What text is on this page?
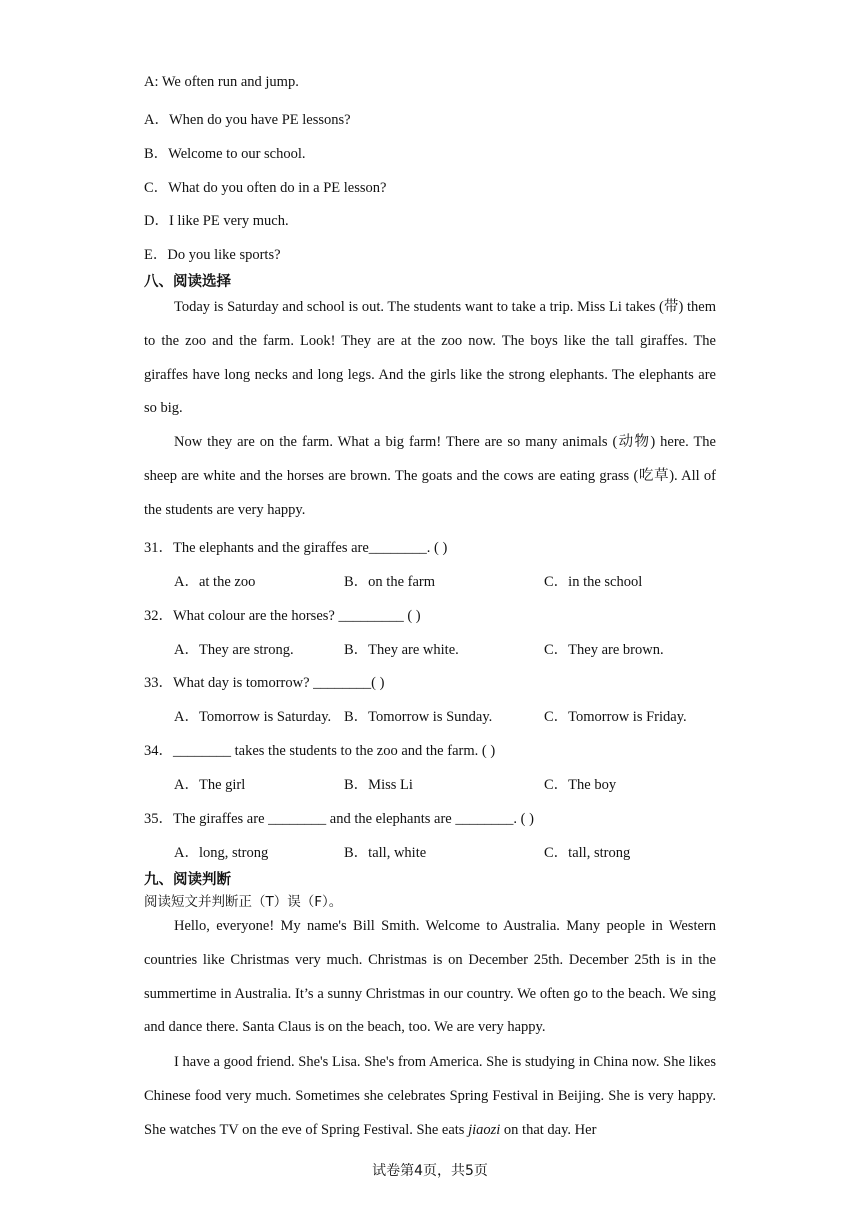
A: We often run and jump.
A．When do you have PE lessons?
B．Welcome to our school.
C．What do you often do in a PE lesson?
D．I like PE very much.
E．Do you like sports?
八、阅读选择
Today is Saturday and school is out. The students want to take a trip. Miss Li takes (带) them to the zoo and the farm. Look! They are at the zoo now. The boys like the tall giraffes. The giraffes have long necks and long legs. And the girls like the strong elephants. The elephants are so big.
Now they are on the farm. What a big farm! There are so many animals (动物) here. The sheep are white and the horses are brown. The goats and the cows are eating grass (吃草). All of the students are very happy.
31．The elephants and the giraffes are________. ( )
A．at the zoo	B．on the farm	C．in the school
32．What colour are the horses? _________ ( )
A．They are strong.	B．They are white.	C．They are brown.
33．What day is tomorrow? ________( )
A．Tomorrow is Saturday. B．Tomorrow is Sunday.	C．Tomorrow is Friday.
34．________ takes the students to the zoo and the farm. ( )
A．The girl	B．Miss Li	C．The boy
35．The giraffes are ________ and the elephants are ________. ( )
A．long, strong	B．tall, white	C．tall, strong
九、阅读判断
阅读短文并判断正（T）误（F）。
Hello, everyone! My name's Bill Smith. Welcome to Australia. Many people in Western countries like Christmas very much. Christmas is on December 25th. December 25th is in the summertime in Australia. It’s a sunny Christmas in our country. We often go to the beach. We sing and dance there. Santa Claus is on the beach, too. We are very happy.
I have a good friend. She's Lisa. She's from America. She is studying in China now. She likes Chinese food very much. Sometimes she celebrates Spring Festival in Beijing. She is very happy. She watches TV on the eve of Spring Festival. She eats jiaozi on that day. Her
试卷第4页，共5页
